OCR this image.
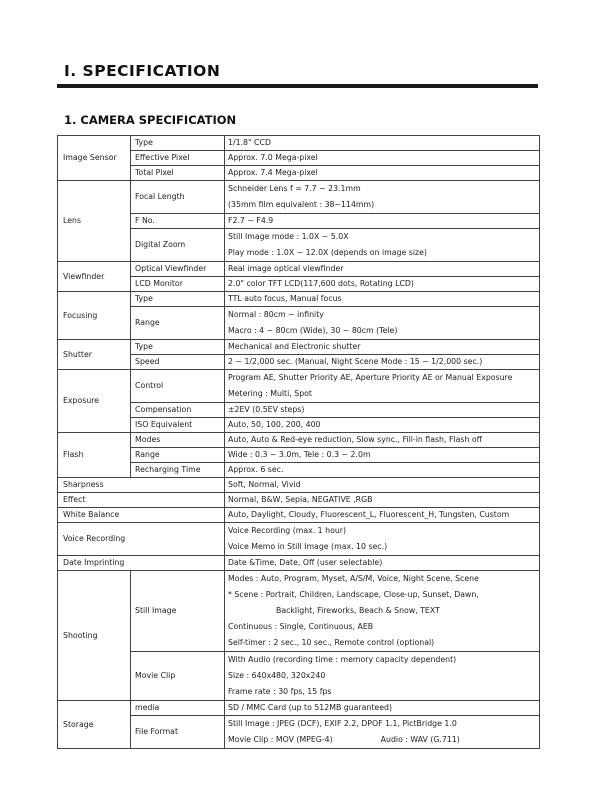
Ⅰ. SPECIFICATION
1. CAMERA SPECIFICATION
Image Sensor	Type	1/1.8" CCD
	Effective Pixel	Approx. 7.0 Mega-pixel
	Total Pixel	Approx. 7.4 Mega-pixel
Lens	Focal Length	Schneider Lens f = 7.7 ~ 23.1mm
(35mm film equivalent : 38~114mm)

	F No.	F2.7 ~ F4.9
	Digital Zoom	Still Image mode : 1.0X ~ 5.0X
Play mode : 1.0X ~ 12.0X (depends on image size)

Viewfinder	Optical Viewfinder	Real image optical viewfinder
	LCD Monitor	2.0" color TFT LCD(117,600 dots, Rotating LCD)
Focusing	Type	TTL auto focus, Manual focus
	Range	Normal : 80cm ~ infinity
Macro : 4 ~ 80cm (Wide), 30 ~ 80cm (Tele)

Shutter	Type	Mechanical and Electronic shutter
	Speed	2 ~ 1/2,000 sec. (Manual, Night Scene Mode : 15 ~ 1/2,000 sec.)
Exposure	Control	Program AE, Shutter Priority AE, Aperture Priority AE or Manual Exposure
Metering : Multi, Spot

	Compensation	±2EV (0.5EV steps)
	ISO Equivalent	Auto, 50, 100, 200, 400
Flash	Modes	Auto, Auto & Red-eye reduction, Slow sync., Fill-in flash, Flash off
	Range	Wide : 0.3 ~ 3.0m, Tele : 0.3 ~ 2.0m
	Recharging Time	Approx. 6 sec.
Sharpness		Soft, Normal, Vivid
Effect		Normal, B&W, Sepia, NEGATIVE ,RGB
White Balance		Auto, Daylight, Cloudy, Fluorescent_L, Fluorescent_H, Tungsten, Custom
Voice Recording		Voice Recording (max. 1 hour)
Voice Memo in Still Image (max. 10 sec.)

Date Imprinting		Date &Time, Date, Off (user selectable)
Shooting	Still Image	Modes : Auto, Program, Myset, A/S/M, Voice, Night Scene, Scene
* Scene : Portrait, Children, Landscape, Close-up, Sunset, Dawn,
Backlight, Fireworks, Beach & Snow, TEXT
Continuous : Single, Continuous, AEB
Self-timer : 2 sec., 10 sec., Remote control (optional)

	Movie Clip	With Audio (recording time : memory capacity dependent)
Size : 640x480, 320x240
Frame rate : 30 fps, 15 fps

Storage	media	SD / MMC Card (up to 512MB guaranteed)
	File Format	Still Image : JPEG (DCF), EXIF 2.2, DPOF 1.1, PictBridge 1.0
Movie Clip : MOV (MPEG-4) Audio : WAV (G.711)
